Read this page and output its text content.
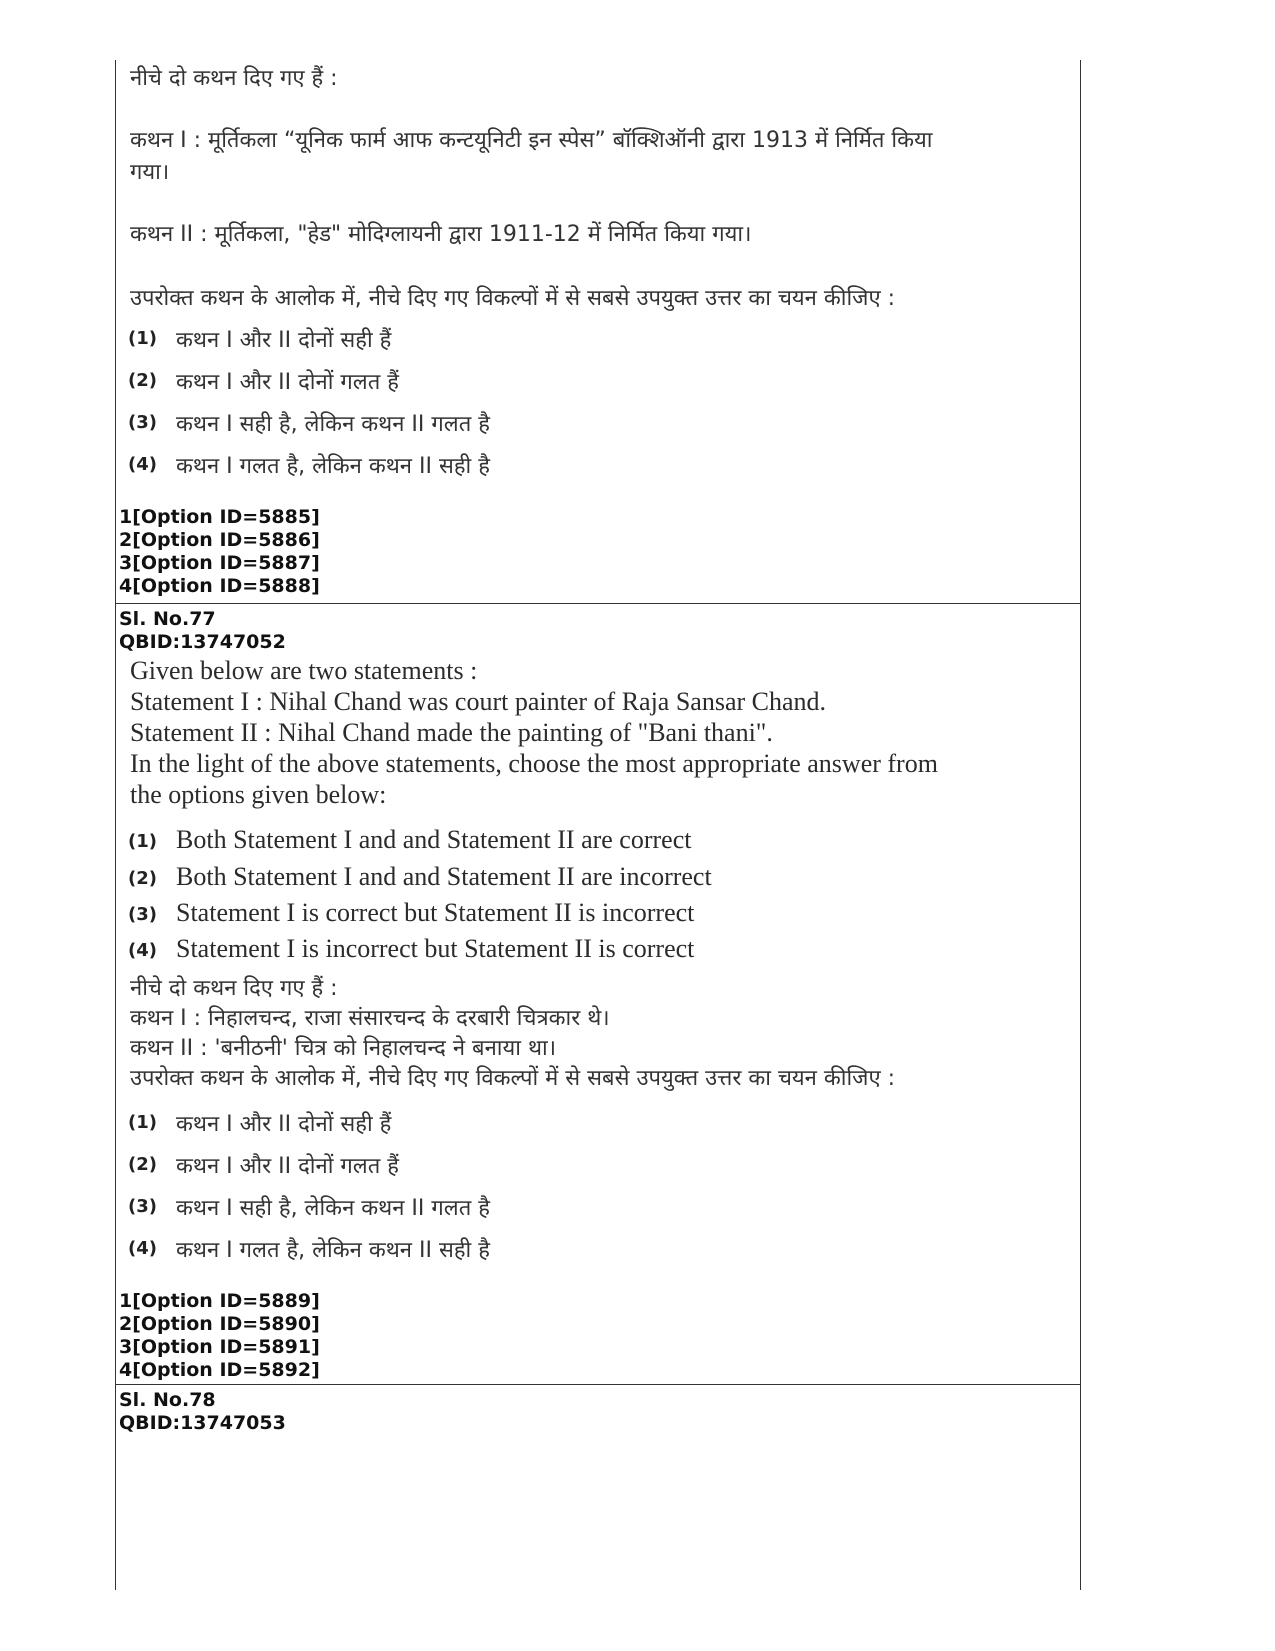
नीचे दो कथन दिए गए हैं :
कथन I : मूर्तिकला “यूनिक फार्म आफ कन्टयूनिटी इन स्पेस” बॉक्शिऑनी द्वारा 1913 में निर्मित किया
गया।
कथन II : मूर्तिकला, "हेड" मोदिग्लायनी द्वारा 1911-12 में निर्मित किया गया।
उपरोक्त कथन के आलोक में, नीचे दिए गए विकल्पों में से सबसे उपयुक्त उत्तर का चयन कीजिए :
(1) कथन I और II दोनों सही हैं
(2) कथन I और II दोनों गलत हैं
(3) कथन I सही है, लेकिन कथन II गलत है
(4) कथन I गलत है, लेकिन कथन II सही है
1[Option ID=5885]
2[Option ID=5886]
3[Option ID=5887]
4[Option ID=5888]
Sl. No.77
QBID:13747052
Given below are two statements :
Statement I : Nihal Chand was court painter of Raja Sansar Chand.
Statement II : Nihal Chand made the painting of "Bani thani".
In the light of the above statements, choose the most appropriate answer from
the options given below:
(1) Both Statement I and and Statement II are correct
(2) Both Statement I and and Statement II are incorrect
(3) Statement I is correct but Statement II is incorrect
(4) Statement I is incorrect but Statement II is correct
नीचे दो कथन दिए गए हैं :
कथन I : निहालचन्द, राजा संसारचन्द के दरबारी चित्रकार थे।
कथन II : 'बनीठनी' चित्र को निहालचन्द ने बनाया था।
उपरोक्त कथन के आलोक में, नीचे दिए गए विकल्पों में से सबसे उपयुक्त उत्तर का चयन कीजिए :
(1) कथन I और II दोनों सही हैं
(2) कथन I और II दोनों गलत हैं
(3) कथन I सही है, लेकिन कथन II गलत है
(4) कथन I गलत है, लेकिन कथन II सही है
1[Option ID=5889]
2[Option ID=5890]
3[Option ID=5891]
4[Option ID=5892]
Sl. No.78
QBID:13747053
